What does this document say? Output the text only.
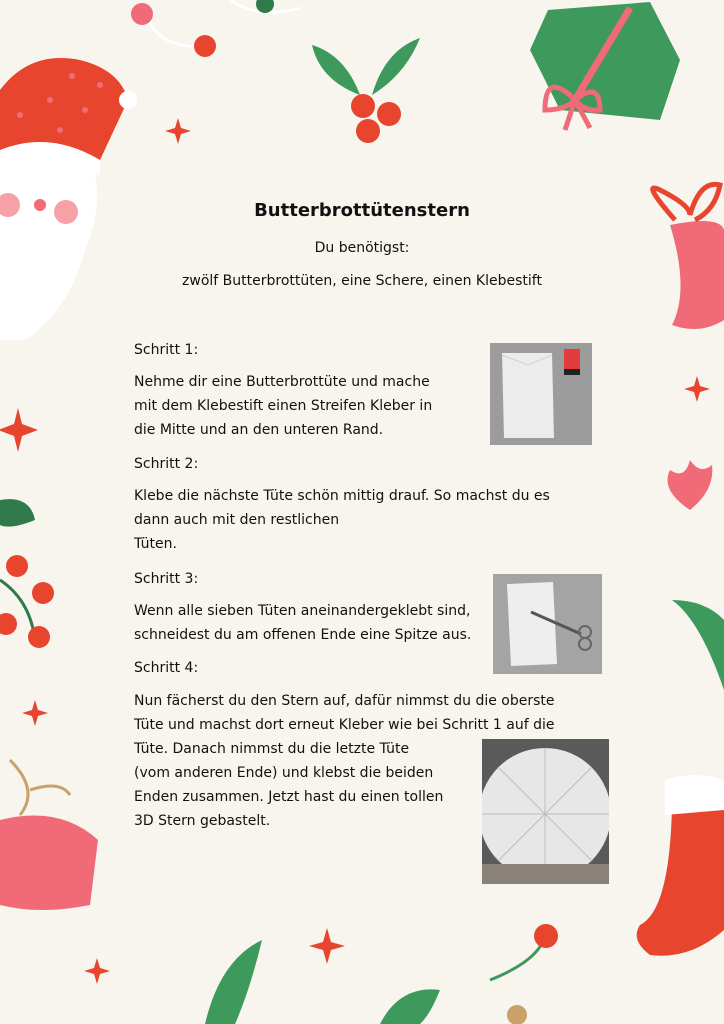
Butterbrottütenstern
Du benötigst:
zwölf Butterbrottüten, eine Schere, einen Klebestift
Schritt 1:
Nehme dir eine Butterbrottüte und mache
mit dem Klebestift einen Streifen Kleber in
die Mitte und an den unteren Rand.
Schritt 2:
Klebe die nächste Tüte schön mittig drauf. So machst du es
dann auch mit den restlichen
Tüten.
Schritt 3:
Wenn alle sieben Tüten aneinandergeklebt sind,
schneidest du am offenen Ende eine Spitze aus.
Schritt 4:
Nun fächerst du den Stern auf, dafür nimmst du die oberste
Tüte und machst dort erneut Kleber wie bei Schritt 1 auf die
Tüte. Danach nimmst du die letzte Tüte
(vom anderen Ende) und klebst die beiden
Enden zusammen. Jetzt hast du einen tollen
3D Stern gebastelt.
